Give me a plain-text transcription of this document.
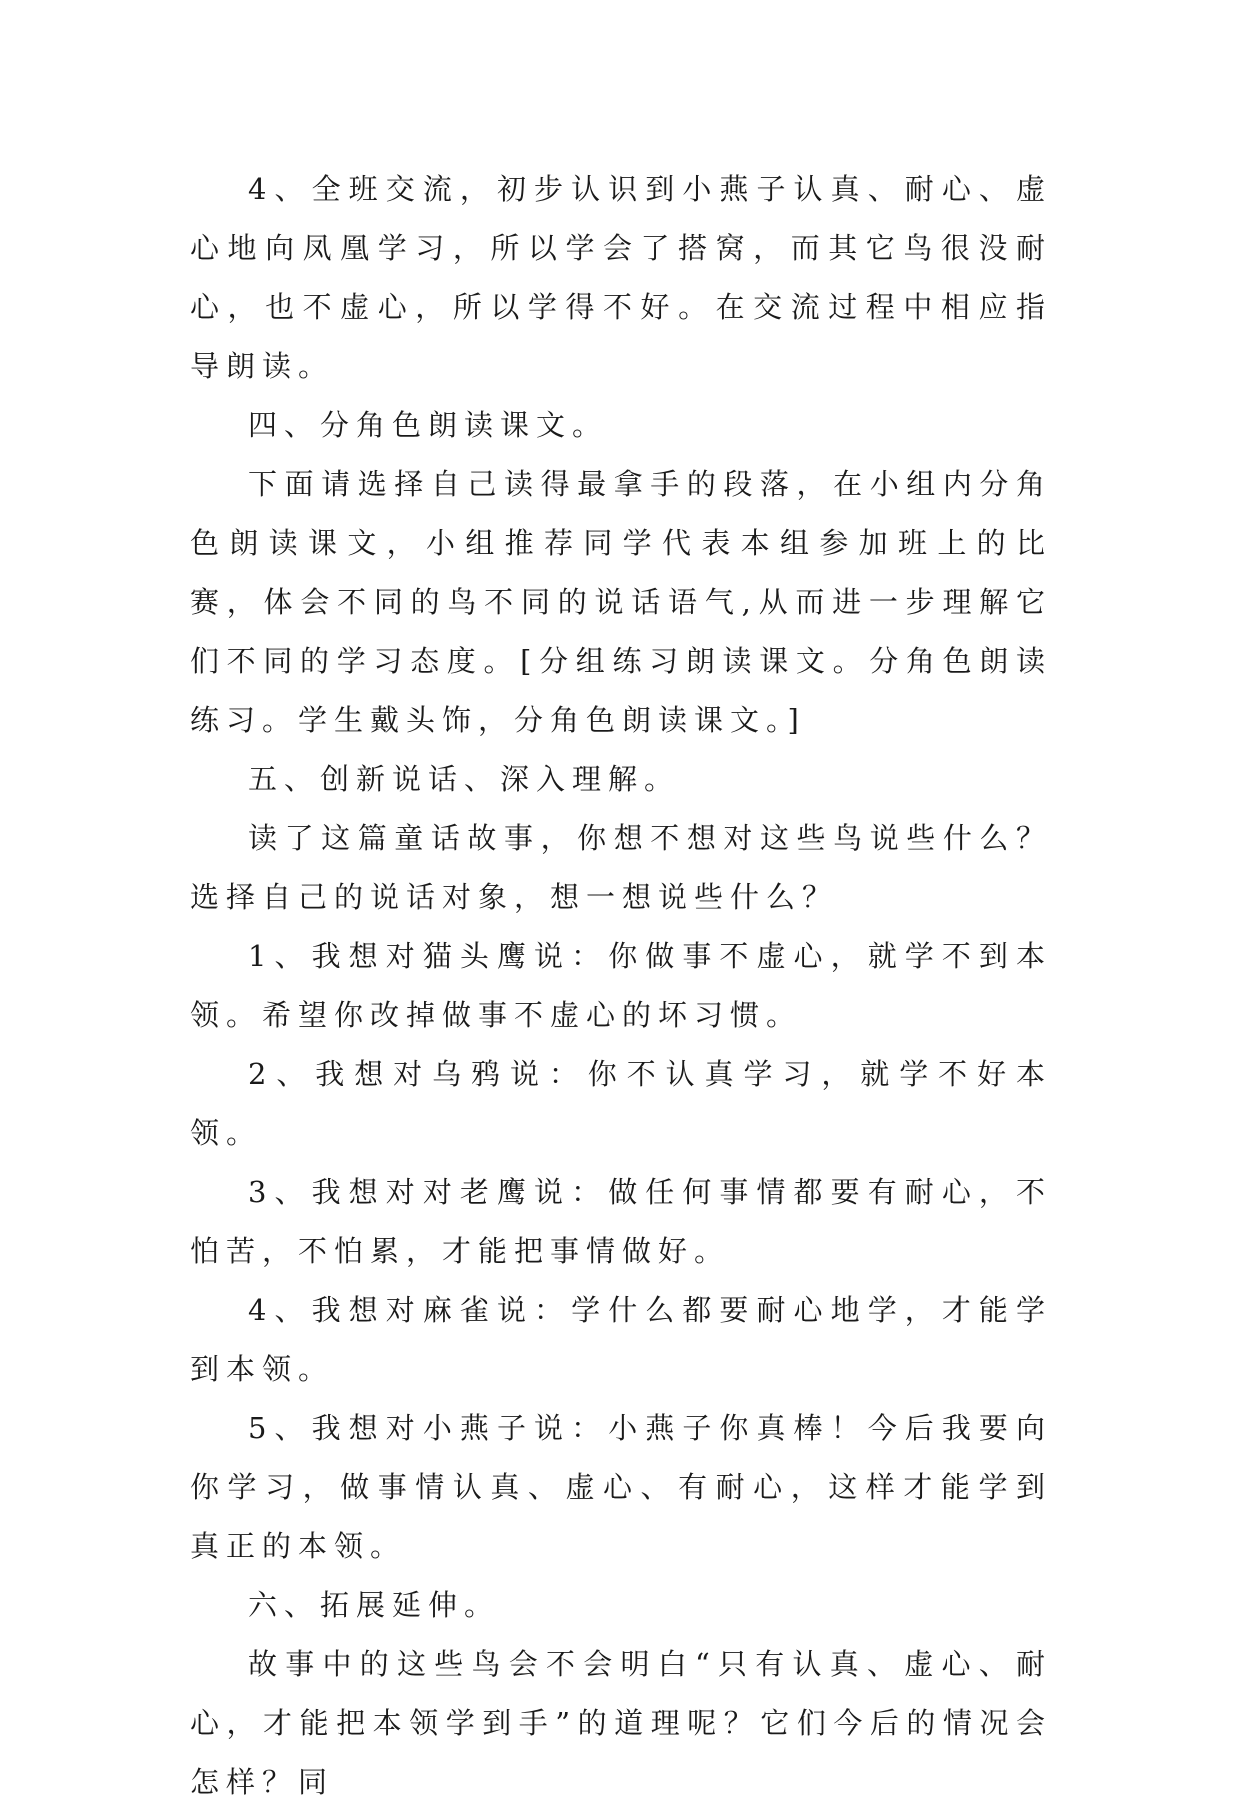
4、全班交流，初步认识到小燕子认真、耐心、虚心地向凤凰学习，所以学会了搭窝，而其它鸟很没耐心，也不虚心，所以学得不好。在交流过程中相应指导朗读。

四、分角色朗读课文。

下面请选择自己读得最拿手的段落，在小组内分角色朗读课文，小组推荐同学代表本组参加班上的比赛，体会不同的鸟不同的说话语气,从而进一步理解它们不同的学习态度。[分组练习朗读课文。分角色朗读练习。学生戴头饰，分角色朗读课文。]

五、创新说话、深入理解。

读了这篇童话故事，你想不想对这些鸟说些什么？选择自己的说话对象，想一想说些什么？

1、我想对猫头鹰说：你做事不虚心，就学不到本领。希望你改掉做事不虚心的坏习惯。

2、我想对乌鸦说：你不认真学习，就学不好本领。

3、我想对对老鹰说：做任何事情都要有耐心，不怕苦，不怕累，才能把事情做好。

4、我想对麻雀说：学什么都要耐心地学，才能学到本领。

5、我想对小燕子说：小燕子你真棒！今后我要向你学习，做事情认真、虚心、有耐心，这样才能学到真正的本领。

六、拓展延伸。

故事中的这些鸟会不会明白“只有认真、虚心、耐心，才能把本领学到手”的道理呢？它们今后的情况会怎样？同
